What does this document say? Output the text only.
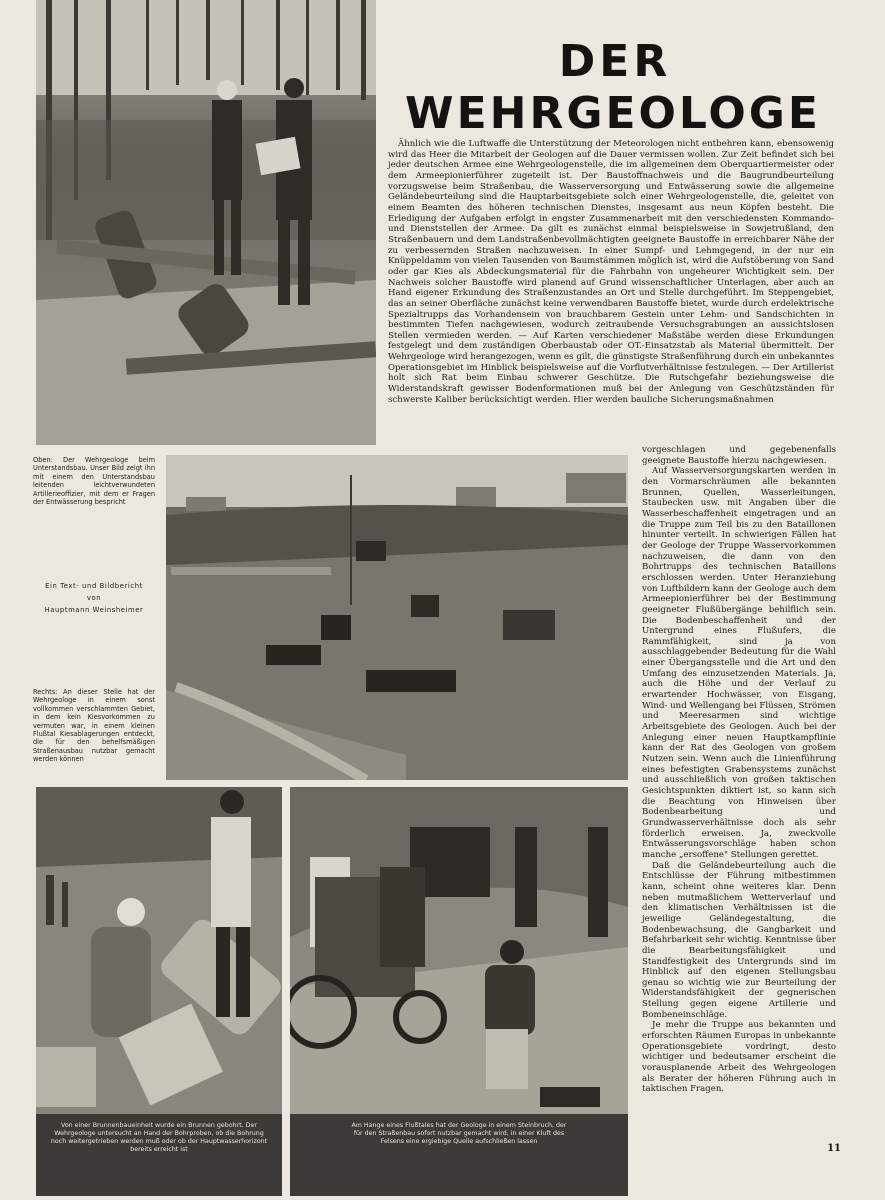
DER
WEHRGEOLOGE

Ähnlich wie die Luftwaffe die Unterstützung der Meteorologen nicht entbehren kann, ebensowenig wird das Heer die Mitarbeit der Geologen auf die Dauer vermissen wollen. Zur Zeit befindet sich bei jeder deutschen Armee eine Wehrgeologenstelle, die im allgemeinen dem Oberquartiermeister oder dem Armeepionierführer zugeteilt ist. Der Baustoffnachweis und die Baugrundbeurteilung vorzugsweise beim Straßenbau, die Wasserversorgung und Entwässerung sowie die allgemeine Geländebeurteilung sind die Hauptarbeitsgebiete solch einer Wehrgeologenstelle, die, geleitet von einem Beamten des höheren technischen Dienstes, insgesamt aus neun Köpfen besteht. Die Erledigung der Aufgaben erfolgt in engster Zusammenarbeit mit den verschiedensten Kommando- und Dienststellen der Armee. Da gilt es zunächst einmal beispielsweise in Sowjetrußland, den Straßenbauern und dem Landstraßenbevollmächtigten geeignete Baustoffe in erreichbarer Nähe der zu verbessernden Straßen nachzuweisen. In einer Sumpf- und Lehmgegend, in der nur ein Knüppeldamm von vielen Tausenden von Baumstämmen möglich ist, wird die Aufstöberung von Sand oder gar Kies als Abdeckungsmaterial für die Fahrbahn von ungeheurer Wichtigkeit sein. Der Nachweis solcher Baustoffe wird planend auf Grund wissenschaftlicher Unterlagen, aber auch an Hand eigener Erkundung des Straßenzustandes an Ort und Stelle durchgeführt. Im Steppengebiet, das an seiner Oberfläche zunächst keine verwendbaren Baustoffe bietet, wurde durch erdelektrische Spezialtrupps das Vorhandensein von brauchbarem Gestein unter Lehm- und Sandschichten in bestimmten Tiefen nachgewiesen, wodurch zeitraubende Versuchsgrabungen an aussichtslosen Stellen vermieden werden. — Auf Karten verschiedener Maßstäbe werden diese Erkundungen festgelegt und dem zuständigen Oberbaustab oder OT.-Einsatzstab als Material übermittelt. Der Wehrgeologe wird herangezogen, wenn es gilt, die günstigste Straßenführung durch ein unbekanntes Operationsgebiet im Hinblick beispielsweise auf die Vorflutverhältnisse festzulegen. — Der Artillerist holt sich Rat beim Einbau schwerer Geschütze. Die Rutschgefahr beziehungsweise die Widerstandskraft gewisser Bodenformationen muß bei der Anlegung von Geschützständen für schwerste Kaliber berücksichtigt werden. Hier werden bauliche Sicherungsmaßnahmen

Oben: Der Wehrgeologe beim Unterstandsbau. Unser Bild zeigt ihn mit einem den Unterstandsbau leitenden leichtverwundeten Artillerieoffizier, mit dem er Fragen der Entwässerung bespricht
Ein Text- und Bildbericht
von
Hauptmann Weinsheimer
Rechts: An dieser Stelle hat der Wehrgeologe in einem sonst vollkommen verschlammten Gebiet, in dem kein Kiesvorkommen zu vermuten war, in einem kleinen Flußtal Kiesablagerungen entdeckt, die für den behelfsmäßigen Straßenausbau nutzbar gemacht werden können

vorgeschlagen und gegebenenfalls geeignete Baustoffe hierzu nachgewiesen.

Auf Wasserversorgungskarten werden in den Vormarschräumen alle bekannten Brunnen, Quellen, Wasserleitungen, Staubecken usw. mit Angaben über die Wasserbeschaffenheit eingetragen und an die Truppe zum Teil bis zu den Bataillonen hinunter verteilt. In schwierigen Fällen hat der Geologe der Truppe Wasservorkommen nachzuweisen, die dann von den Bohrtrupps des technischen Bataillons erschlossen werden. Unter Heranziehung von Luftbildern kann der Geologe auch dem Armeepionierführer bei der Bestimmung geeigneter Flußübergänge behilflich sein. Die Bodenbeschaffenheit und der Untergrund eines Flußufers, die Rammfähigkeit, sind ja von ausschlaggebender Bedeutung für die Wahl einer Übergangsstelle und die Art und den Umfang des einzusetzenden Materials. Ja, auch die Höhe und der Verlauf zu erwartender Hochwässer, von Eisgang, Wind- und Wellengang bei Flüssen, Strömen und Meeresarmen sind wichtige Arbeitsgebiete des Geologen. Auch bei der Anlegung einer neuen Hauptkampflinie kann der Rat des Geologen von großem Nutzen sein. Wenn auch die Linienführung eines befestigten Grabensystems zunächst und ausschließlich von großen taktischen Gesichtspunkten diktiert ist, so kann sich die Beachtung von Hinweisen über Bodenbearbeitung und Grundwasserverhältnisse doch als sehr förderlich erweisen. Ja, zweckvolle Entwässerungsvorschläge haben schon manche „ersoffene" Stellungen gerettet.

Daß die Geländebeurteilung auch die Entschlüsse der Führung mitbestimmen kann, scheint ohne weiteres klar. Denn neben mutmaßlichem Wetterverlauf und den klimatischen Verhältnissen ist die jeweilige Geländegestaltung, die Bodenbewachsung, die Gangbarkeit und Befahrbarkeit sehr wichtig. Kenntnisse über die Bearbeitungsfähigkeit und Standfestigkeit des Untergrunds sind im Hinblick auf den eigenen Stellungsbau genau so wichtig wie zur Beurteilung der Widerstandsfähigkeit der gegnerischen Stellung gegen eigene Artillerie und Bombeneinschläge.

Je mehr die Truppe aus bekannten und erforschten Räumen Europas in unbekannte Operationsgebiete vordringt, desto wichtiger und bedeutsamer erscheint die vorausplanende Arbeit des Wehrgeologen als Berater der höheren Führung auch in taktischen Fragen.

Von einer Brunnenbaueinheit wurde ein Brunnen gebohrt. Der Wehrgeologe untersucht an Hand der Bohrproben, ob die Bohrung noch weitergetrieben werden muß oder ob der Hauptwasserhorizont bereits erreicht ist
Am Hange eines Flußtales hat der Geologe in einem Steinbruch, der für den Straßenbau sofort nutzbar gemacht wird, in einer Kluft des Felsens eine ergiebige Quelle aufschließen lassen
11
